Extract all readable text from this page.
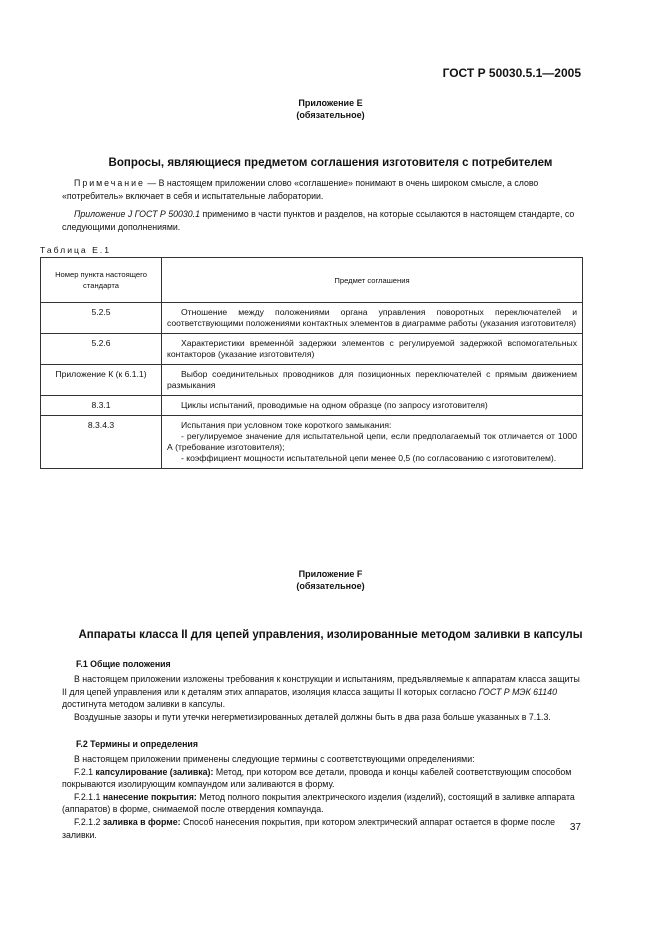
ГОСТ Р 50030.5.1—2005
Приложение Е
(обязательное)
Вопросы, являющиеся предметом соглашения изготовителя с потребителем

Примечание — В настоящем приложении слово «соглашение» понимают в очень широком смысле, а слово «потребитель» включает в себя и испытательные лаборатории.

Приложение J ГОСТ Р 50030.1 применимо в части пунктов и разделов, на которые ссылаются в настоящем стандарте, со следующими дополнениями.

Таблица Е.1
Номер пункта настоящего стандарта	Предмет соглашения
5.2.5	Отношение между положениями органа управления поворотных переключателей и соответствующими положениями контактных элементов в диаграмме работы (указания изготовителя)
5.2.6	Характеристики временно́й задержки элементов с регулируемой задержкой вспомогательных контакторов (указание изготовителя)
Приложение К (к 6.1.1)	Выбор соединительных проводников для позиционных переключателей с прямым движением размыкания
8.3.1	Циклы испытаний, проводимые на одном образце (по запросу изготовителя)
8.3.4.3	Испытания при условном токе короткого замыкания:
- регулируемое значение для испытательной цепи, если предполагаемый ток отличается от 1000 А (требование изготовителя);
- коэффициент мощности испытательной цепи менее 0,5 (по согласованию с изготовителем).
Приложение F
(обязательное)
Аппараты класса II для цепей управления, изолированные методом заливки в капсулы
F.1 Общие положения

В настоящем приложении изложены требования к конструкции и испытаниям, предъявляемые к аппаратам класса защиты II для цепей управления или к деталям этих аппаратов, изоляция класса защиты II которых согласно ГОСТ Р МЭК 61140 достигнута методом заливки в капсулы.

Воздушные зазоры и пути утечки негерметизированных деталей должны быть в два раза больше указанных в 7.1.3.

F.2 Термины и определения

В настоящем приложении применены следующие термины с соответствующими определениями:

F.2.1 капсулирование (заливка): Метод, при котором все детали, провода и концы кабелей соответствующим способом покрываются изолирующим компаундом или заливаются в форму.

F.2.1.1 нанесение покрытия: Метод полного покрытия электрического изделия (изделий), состоящий в заливке аппарата (аппаратов) в форме, снимаемой после отвердения компаунда.

F.2.1.2 заливка в форме: Способ нанесения покрытия, при котором электрический аппарат остается в форме после заливки.

37
